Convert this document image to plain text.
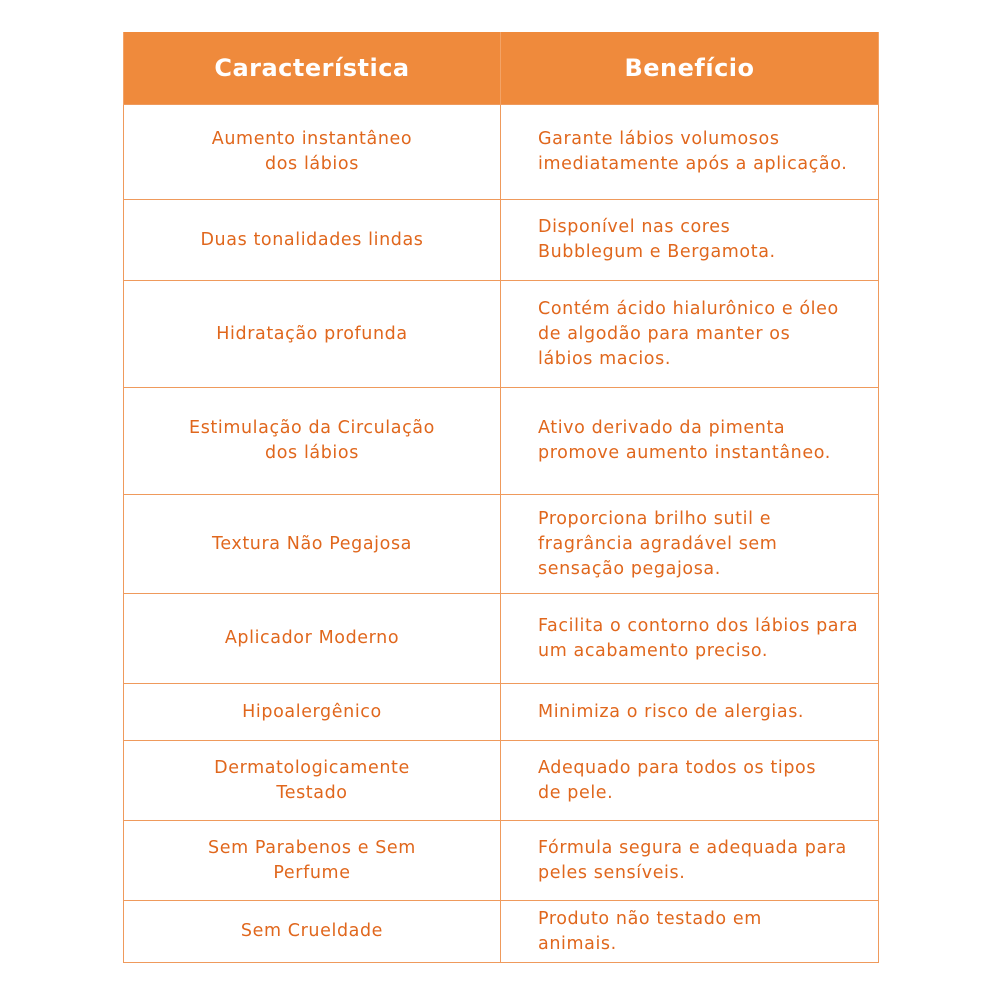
Característica	Benefício
Aumento instantâneo dos lábios	Garante lábios volumosos imediatamente após a aplicação.
Duas tonalidades lindas	Disponível nas cores Bubblegum e Bergamota.
Hidratação profunda	Contém ácido hialurônico e óleo de algodão para manter os lábios macios.
Estimulação da Circulação dos lábios	Ativo derivado da pimenta promove aumento instantâneo.
Textura Não Pegajosa	Proporciona brilho sutil e fragrância agradável sem sensação pegajosa.
Aplicador Moderno	Facilita o contorno dos lábios para um acabamento preciso.
Hipoalergênico	Minimiza o risco de alergias.
Dermatologicamente Testado	Adequado para todos os tipos de pele.
Sem Parabenos e Sem Perfume	Fórmula segura e adequada para peles sensíveis.
Sem Crueldade	Produto não testado em animais.
